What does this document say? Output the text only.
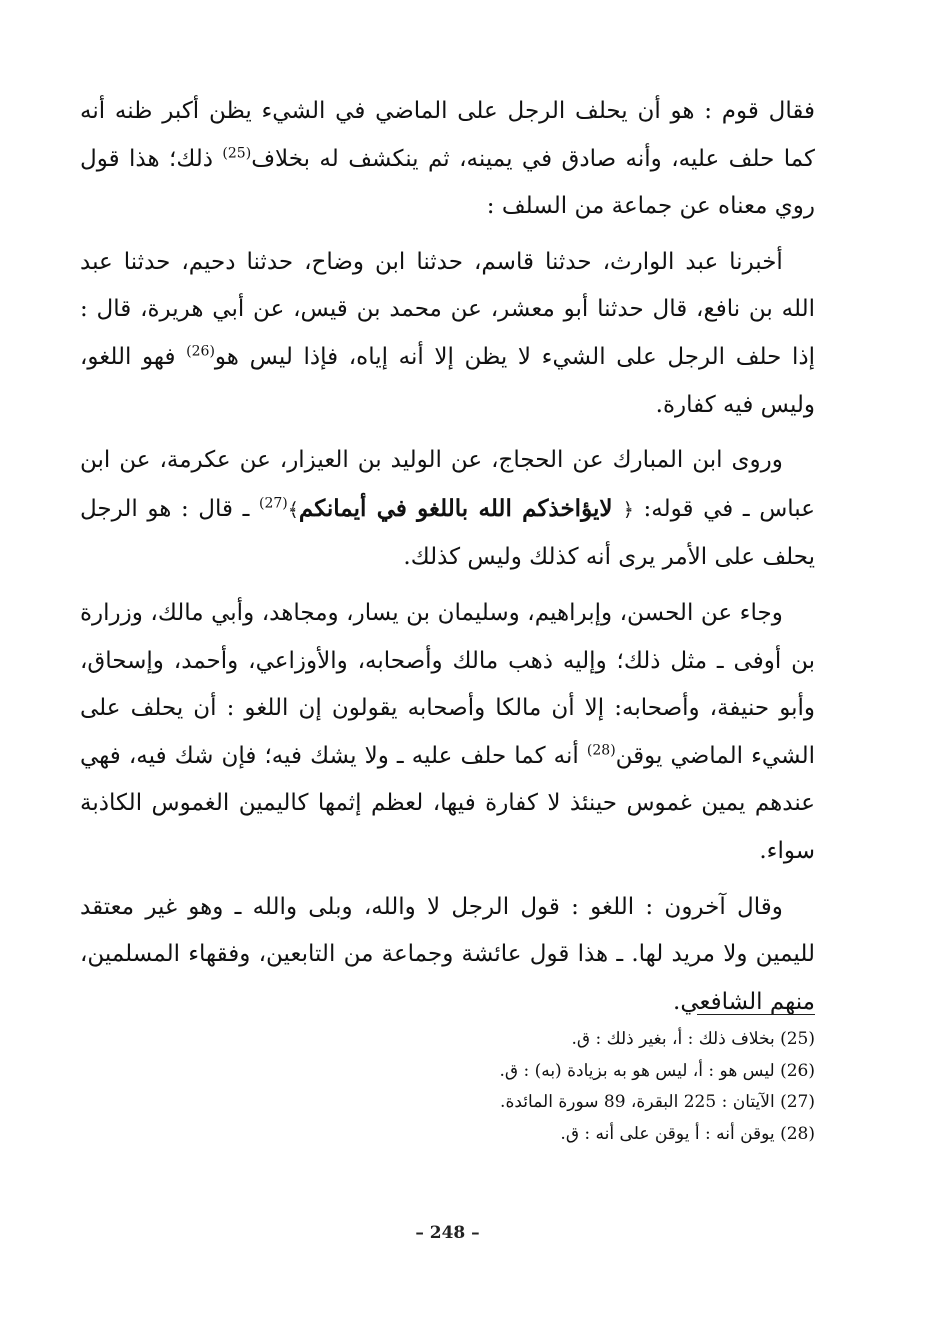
فقال قوم : هو أن يحلف الرجل على الماضي في الشيء يظن أكبر ظنه أنه كما حلف عليه، وأنه صادق في يمينه، ثم ينكشف له بخلاف$^{(25)}$ ذلك؛ هذا قول روي معناه عن جماعة من السلف :

أخبرنا عبد الوارث، حدثنا قاسم، حدثنا ابن وضاح، حدثنا دحيم، حدثنا عبد الله بن نافع، قال حدثنا أبو معشر، عن محمد بن قيس، عن أبي هريرة، قال : إذا حلف الرجل على الشيء لا يظن إلا أنه إياه، فإذا ليس هو$^{(26)}$ فهو اللغو، وليس فيه كفارة.

وروى ابن المبارك عن الحجاج، عن الوليد بن العيزار، عن عكرمة، عن ابن عباس ـ في قوله: ﴿ لايؤاخذكم الله باللغو في أيمانكم﴾$^{(27)}$ ـ قال : هو الرجل يحلف على الأمر يرى أنه كذلك وليس كذلك.

وجاء عن الحسن، وإبراهيم، وسليمان بن يسار، ومجاهد، وأبي مالك، وزرارة بن أوفى ـ مثل ذلك؛ وإليه ذهب مالك وأصحابه، والأوزاعي، وأحمد، وإسحاق، وأبو حنيفة، وأصحابه: إلا أن مالكا وأصحابه يقولون إن اللغو : أن يحلف على الشيء الماضي يوقن$^{(28)}$ أنه كما حلف عليه ـ ولا يشك فيه؛ فإن شك فيه، فهي عندهم يمين غموس حينئذ لا كفارة فيها، لعظم إثمها كاليمين الغموس الكاذبة سواء.

وقال آخرون : اللغو : قول الرجل لا والله، وبلى والله ـ وهو غير معتقد لليمين ولا مريد لها. ـ هذا قول عائشة وجماعة من التابعين، وفقهاء المسلمين، منهم الشافعي.

(25) بخلاف ذلك : أ، بغير ذلك : ق.

(26) ليس هو : أ، ليس هو به بزيادة (به) : ق.

(27) الآيتان : 225 البقرة، 89 سورة المائدة.

(28) يوقن أنه : أ يوقن على أنه : ق.

– 248 –
